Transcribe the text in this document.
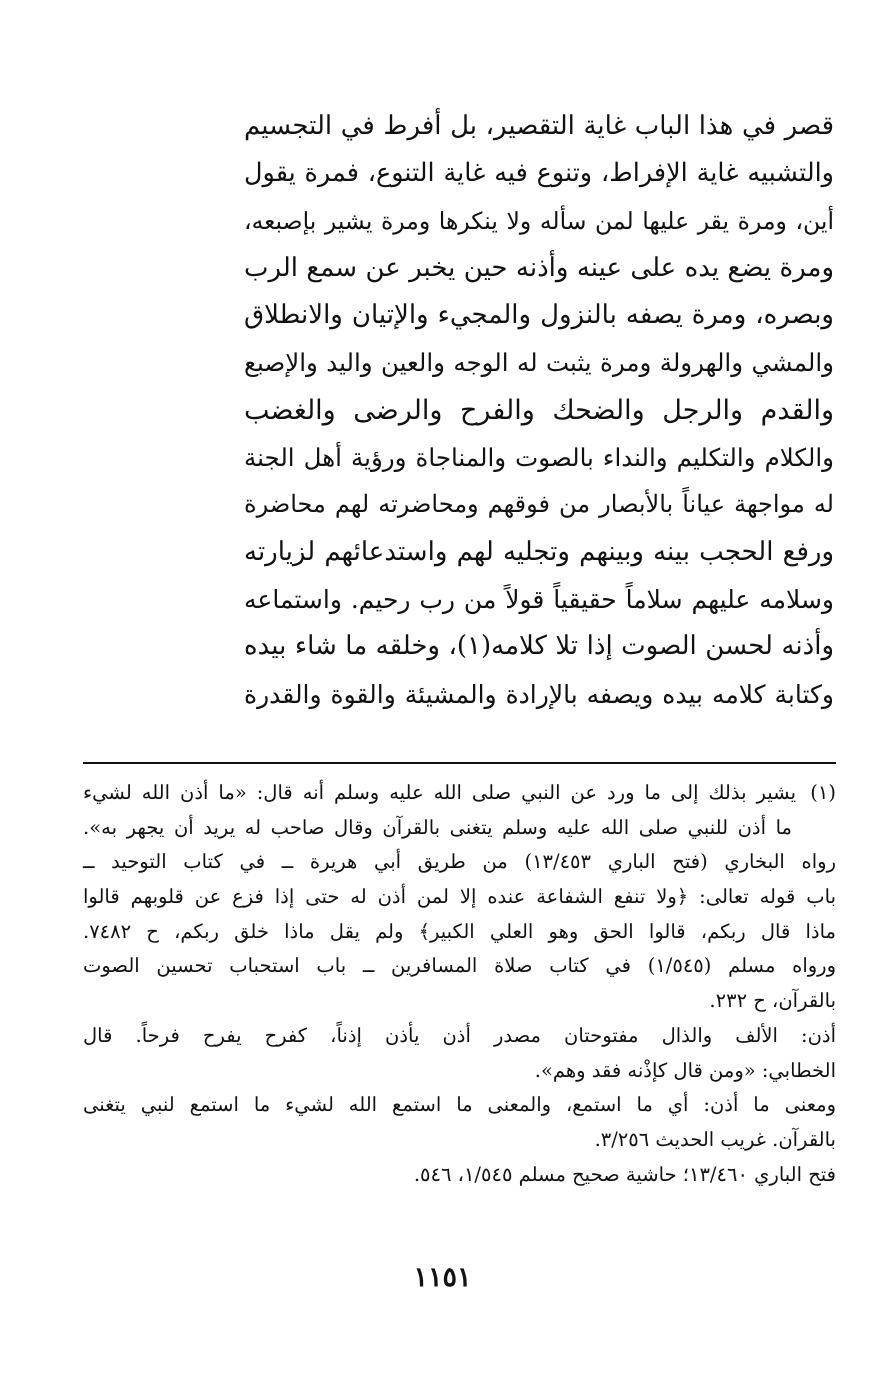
قصر في هذا الباب غاية التقصير، بل أفرط في التجسيم
والتشبيه غاية الإفراط، وتنوع فيه غاية التنوع، فمرة يقول
أين، ومرة يقر عليها لمن سأله ولا ينكرها ومرة يشير بإصبعه،
ومرة يضع يده على عينه وأذنه حين يخبر عن سمع الرب
وبصره، ومرة يصفه بالنزول والمجيء والإتيان والانطلاق
والمشي والهرولة ومرة يثبت له الوجه والعين واليد والإصبع
والقدم والرجل والضحك والفرح والرضى والغضب
والكلام والتكليم والنداء بالصوت والمناجاة ورؤية أهل الجنة
له مواجهة عياناً بالأبصار من فوقهم ومحاضرته لهم محاضرة
ورفع الحجب بينه وبينهم وتجليه لهم واستدعائهم لزيارته
وسلامه عليهم سلاماً حقيقياً قولاً من رب رحيم. واستماعه
وأذنه لحسن الصوت إذا تلا كلامه(١)، وخلقه ما شاء بيده
وكتابة كلامه بيده ويصفه بالإرادة والمشيئة والقوة والقدرة
(١)يشير بذلك إلى ما ورد عن النبي صلى الله عليه وسلم أنه قال: «ما أذن الله لشيء
ما أذن للنبي صلى الله عليه وسلم يتغنى بالقرآن وقال صاحب له يريد أن يجهر به».
رواه البخاري (فتح الباري ١٣/٤٥٣) من طريق أبي هريرة ــ في كتاب التوحيد ــ
باب قوله تعالى: ﴿ولا تنفع الشفاعة عنده إلا لمن أذن له حتى إذا فزع عن قلوبهم قالوا
ماذا قال ربكم، قالوا الحق وهو العلي الكبير﴾ ولم يقل ماذا خلق ربكم، ح ٧٤٨٢.
ورواه مسلم (١/٥٤٥) في كتاب صلاة المسافرين ــ باب استحباب تحسين الصوت
بالقرآن، ح ٢٣٢.
أذن: الألف والذال مفتوحتان مصدر أذن يأذن إذناً، كفرح يفرح فرحاً. قال
الخطابي: «ومن قال كإذْنه فقد وهم».
ومعنى ما أذن: أي ما استمع، والمعنى ما استمع الله لشيء ما استمع لنبي يتغنى
بالقرآن. غريب الحديث ٣/٢٥٦.
فتح الباري ١٣/٤٦٠؛ حاشية صحيح مسلم ١/٥٤٥، ٥٤٦.
١١٥١
